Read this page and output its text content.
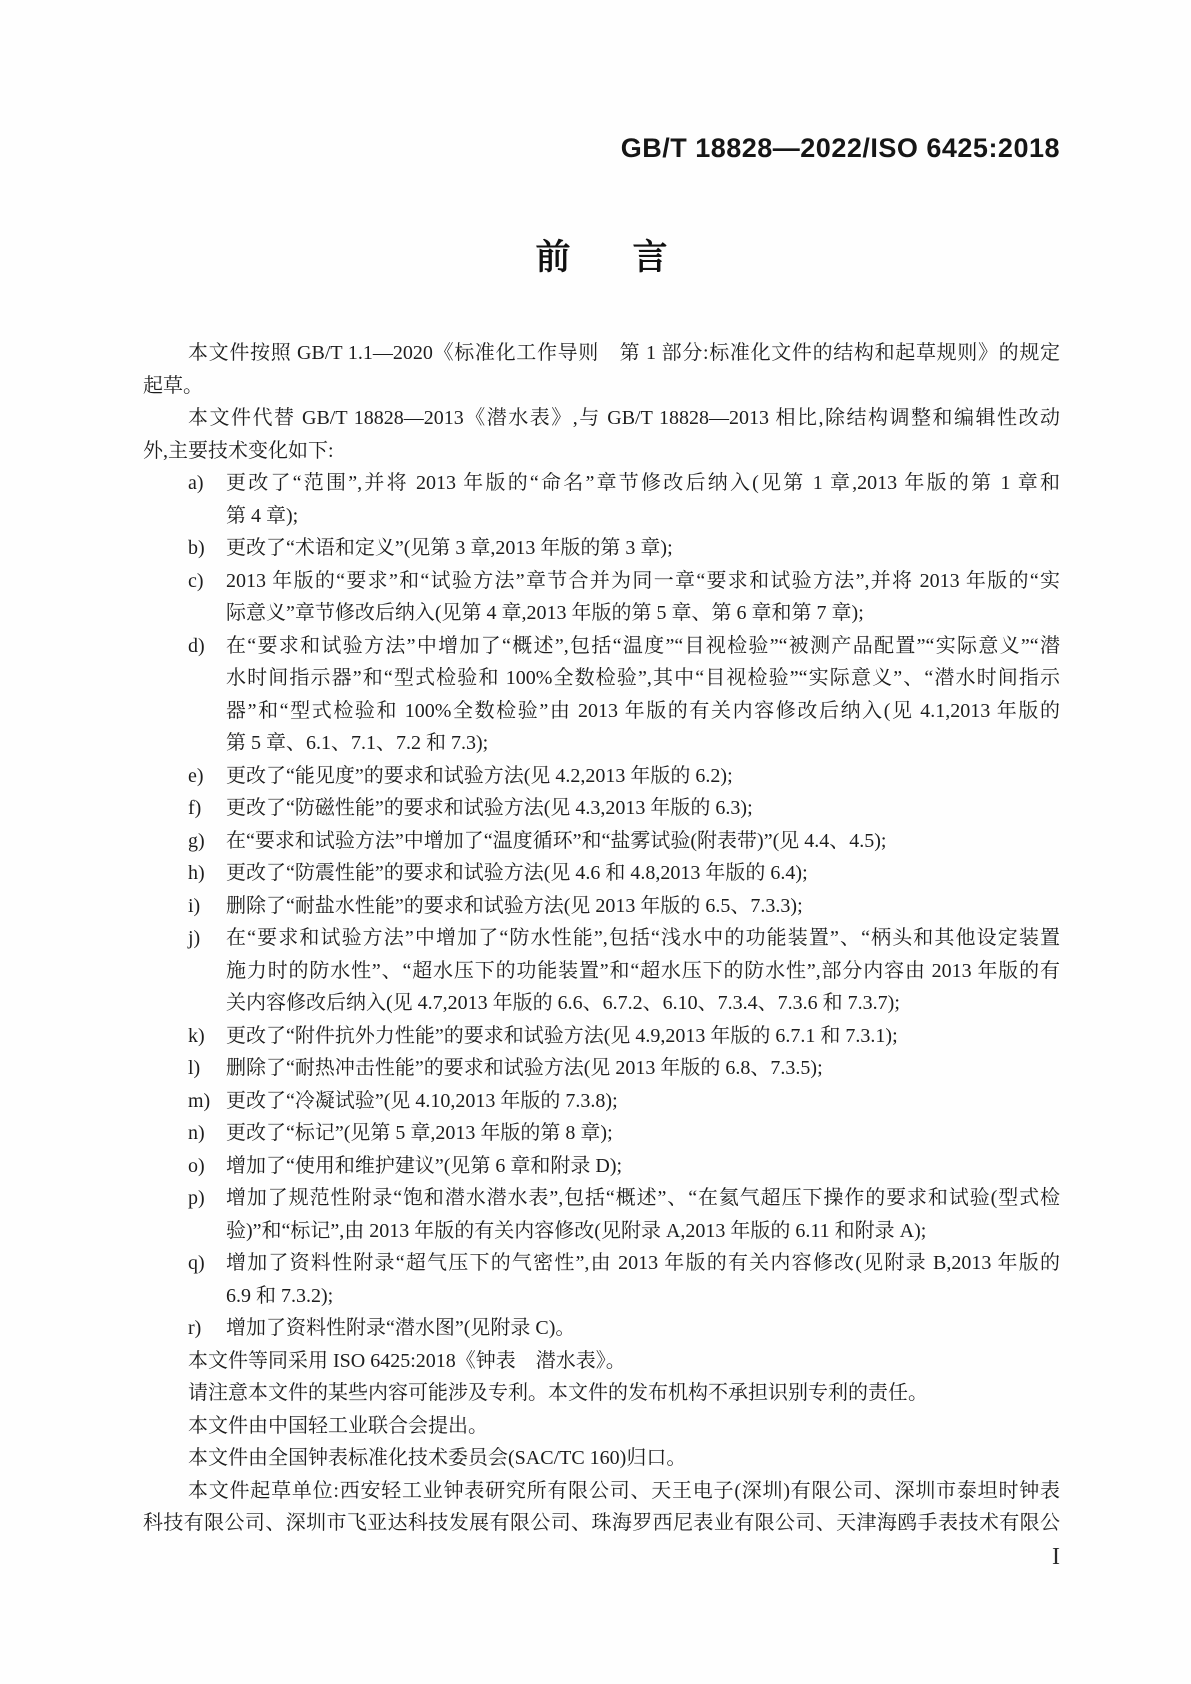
GB/T 18828—2022/ISO 6425:2018
前 言
本文件按照 GB/T 1.1—2020《标准化工作导则　第 1 部分:标准化文件的结构和起草规则》的规定
起草。
本文件代替 GB/T 18828—2013《潜水表》,与 GB/T 18828—2013 相比,除结构调整和编辑性改动
外,主要技术变化如下:
a) 更改了“范围”,并将 2013 年版的“命名”章节修改后纳入(见第 1 章,2013 年版的第 1 章和
第 4 章);
b) 更改了“术语和定义”(见第 3 章,2013 年版的第 3 章);
c) 2013 年版的“要求”和“试验方法”章节合并为同一章“要求和试验方法”,并将 2013 年版的“实
际意义”章节修改后纳入(见第 4 章,2013 年版的第 5 章、第 6 章和第 7 章);
d) 在“要求和试验方法”中增加了“概述”,包括“温度”“目视检验”“被测产品配置”“实际意义”“潜
水时间指示器”和“型式检验和 100%全数检验”,其中“目视检验”“实际意义”、“潜水时间指示
器”和“型式检验和 100%全数检验”由 2013 年版的有关内容修改后纳入(见 4.1,2013 年版的
第 5 章、6.1、7.1、7.2 和 7.3);
e) 更改了“能见度”的要求和试验方法(见 4.2,2013 年版的 6.2);
f) 更改了“防磁性能”的要求和试验方法(见 4.3,2013 年版的 6.3);
g) 在“要求和试验方法”中增加了“温度循环”和“盐雾试验(附表带)”(见 4.4、4.5);
h) 更改了“防震性能”的要求和试验方法(见 4.6 和 4.8,2013 年版的 6.4);
i) 删除了“耐盐水性能”的要求和试验方法(见 2013 年版的 6.5、7.3.3);
j) 在“要求和试验方法”中增加了“防水性能”,包括“浅水中的功能装置”、“柄头和其他设定装置
施力时的防水性”、“超水压下的功能装置”和“超水压下的防水性”,部分内容由 2013 年版的有
关内容修改后纳入(见 4.7,2013 年版的 6.6、6.7.2、6.10、7.3.4、7.3.6 和 7.3.7);
k) 更改了“附件抗外力性能”的要求和试验方法(见 4.9,2013 年版的 6.7.1 和 7.3.1);
l) 删除了“耐热冲击性能”的要求和试验方法(见 2013 年版的 6.8、7.3.5);
m) 更改了“冷凝试验”(见 4.10,2013 年版的 7.3.8);
n) 更改了“标记”(见第 5 章,2013 年版的第 8 章);
o) 增加了“使用和维护建议”(见第 6 章和附录 D);
p) 增加了规范性附录“饱和潜水潜水表”,包括“概述”、“在氦气超压下操作的要求和试验(型式检
验)”和“标记”,由 2013 年版的有关内容修改(见附录 A,2013 年版的 6.11 和附录 A);
q) 增加了资料性附录“超气压下的气密性”,由 2013 年版的有关内容修改(见附录 B,2013 年版的
6.9 和 7.3.2);
r) 增加了资料性附录“潜水图”(见附录 C)。
本文件等同采用 ISO 6425:2018《钟表　潜水表》。
请注意本文件的某些内容可能涉及专利。本文件的发布机构不承担识别专利的责任。
本文件由中国轻工业联合会提出。
本文件由全国钟表标准化技术委员会(SAC/TC 160)归口。
本文件起草单位:西安轻工业钟表研究所有限公司、天王电子(深圳)有限公司、深圳市泰坦时钟表
科技有限公司、深圳市飞亚达科技发展有限公司、珠海罗西尼表业有限公司、天津海鸥手表技术有限公
I
